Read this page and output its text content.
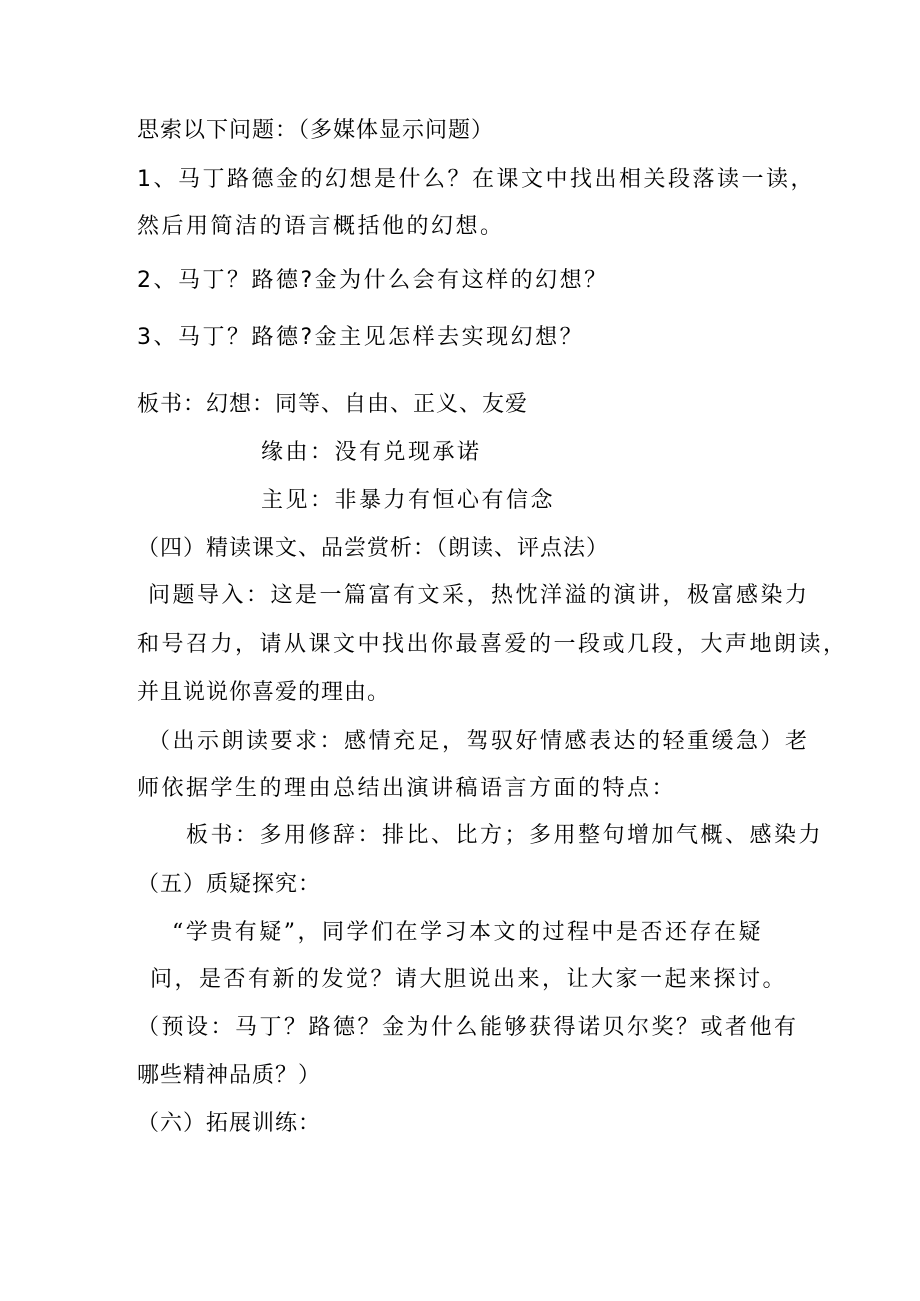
思索以下问题：（多媒体显示问题）
1、马丁路德金的幻想是什么？在课文中找出相关段落读一读，
然后用简洁的语言概括他的幻想。
2、马丁？路德?金为什么会有这样的幻想？
3、马丁？路德?金主见怎样去实现幻想？
板书：幻想：同等、自由、正义、友爱
缘由：没有兑现承诺
主见：非暴力有恒心有信念
（四）精读课文、品尝赏析：（朗读、评点法）
问题导入：这是一篇富有文采，热忱洋溢的演讲，极富感染力
和号召力，请从课文中找出你最喜爱的一段或几段，大声地朗读，
并且说说你喜爱的理由。
（出示朗读要求：感情充足，驾驭好情感表达的轻重缓急）老
师依据学生的理由总结出演讲稿语言方面的特点：
板书：多用修辞：排比、比方；多用整句增加气概、感染力
（五）质疑探究：
“学贵有疑”，同学们在学习本文的过程中是否还存在疑
问，是否有新的发觉？请大胆说出来，让大家一起来探讨。
（预设：马丁？路德？金为什么能够获得诺贝尔奖？或者他有
哪些精神品质？）
（六）拓展训练：
